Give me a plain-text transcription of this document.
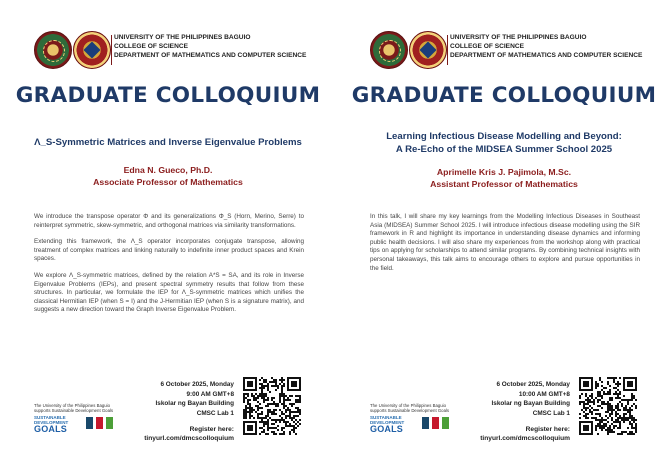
UNIVERSITY OF THE PHILIPPINES BAGUIO
COLLEGE OF SCIENCE
DEPARTMENT OF MATHEMATICS AND COMPUTER SCIENCE
GRADUATE COLLOQUIUM
Λ_S-Symmetric Matrices and Inverse Eigenvalue Problems
Edna N. Gueco, Ph.D.
Associate Professor of Mathematics

We introduce the transpose operator Φ and its generalizations Φ_S (Horn, Merino, Serre) to reinterpret symmetric, skew-symmetric, and orthogonal matrices via similarity transformations.

Extending this framework, the Λ_S operator incorporates conjugate transpose, allowing treatment of complex matrices and linking naturally to indefinite inner product spaces and Krein spaces.

We explore Λ_S-symmetric matrices, defined by the relation A*S = SA, and its role in Inverse Eigenvalue Problems (IEPs), and present spectral symmetry results that follow from these structures. In particular, we formulate the IEP for Λ_S-symmetric matrices which unifies the classical Hermitian IEP (when S = I) and the J-Hermitian IEP (when S is a signature matrix), and suggests a new direction toward the Graph Inverse Eigenvalue Problem.

The University of the Philippines Baguio
supports Sustainable Development Goals
SUSTAINABLE
DEVELOPMENT
GOALS
6 October 2025, Monday
9:00 AM GMT+8
Iskolar ng Bayan Building
CMSC Lab 1
Register here:
tinyurl.com/dmcscolloquium
UNIVERSITY OF THE PHILIPPINES BAGUIO
COLLEGE OF SCIENCE
DEPARTMENT OF MATHEMATICS AND COMPUTER SCIENCE
GRADUATE COLLOQUIUM
Learning Infectious Disease Modelling and Beyond:
A Re-Echo of the MIDSEA Summer School 2025
Aprimelle Kris J. Pajimola, M.Sc.
Assistant Professor of Mathematics

In this talk, I will share my key learnings from the Modelling Infectious Diseases in Southeast Asia (MIDSEA) Summer School 2025. I will introduce infectious disease modelling using the SIR framework in R and highlight its importance in understanding disease dynamics and informing public health decisions. I will also share my experiences from the workshop along with practical tips on applying for scholarships to attend similar programs. By combining technical insights with personal takeaways, this talk aims to encourage others to explore and pursue opportunities in the field.

The University of the Philippines Baguio
supports Sustainable Development Goals
SUSTAINABLE
DEVELOPMENT
GOALS
6 October 2025, Monday
10:00 AM GMT+8
Iskolar ng Bayan Building
CMSC Lab 1
Register here:
tinyurl.com/dmcscolloquium
